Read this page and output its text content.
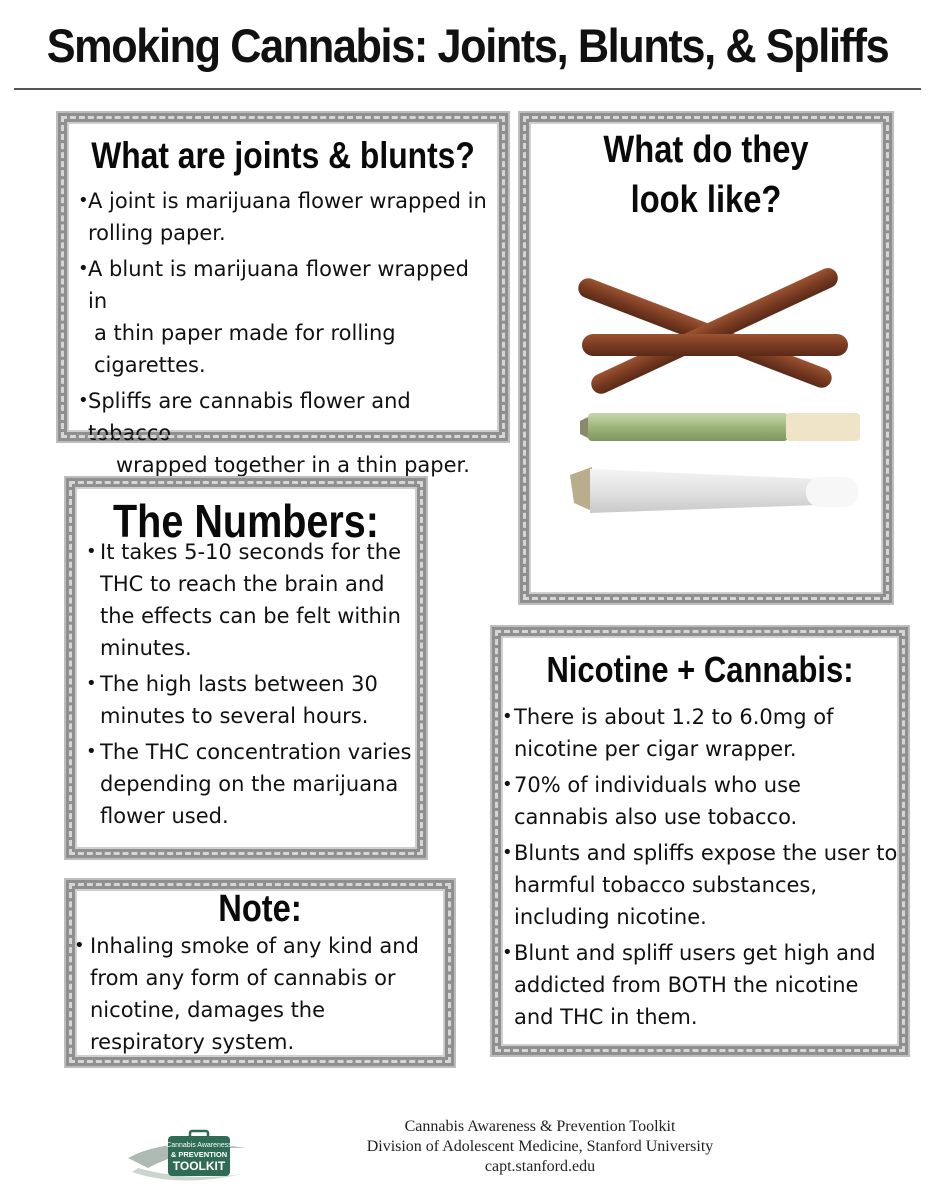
Smoking Cannabis: Joints, Blunts, & Spliffs
What are joints & blunts?
• A joint is marijuana flower wrapped in
rolling paper.
• A blunt is marijuana flower wrapped in
a thin paper made for rolling
cigarettes.
• Spliffs are cannabis flower and tobacco
wrapped together in a thin paper.
What do they
look like?
The Numbers:
• It takes 5-10 seconds for the THC to reach the brain and the effects can be felt within minutes.
• The high lasts between 30 minutes to several hours.
• The THC concentration varies depending on the marijuana flower used.
Note:
• Inhaling smoke of any kind and from any form of cannabis or nicotine, damages the respiratory system.
Nicotine + Cannabis:
• There is about 1.2 to 6.0mg of nicotine per cigar wrapper.
• 70% of individuals who use cannabis also use tobacco.
• Blunts and spliffs expose the user to harmful tobacco substances, including nicotine.
• Blunt and spliff users get high and addicted from BOTH the nicotine and THC in them.
Cannabis Awareness
& PREVENTION
TOOLKIT
Cannabis Awareness & Prevention Toolkit
Division of Adolescent Medicine, Stanford University
capt.stanford.edu
